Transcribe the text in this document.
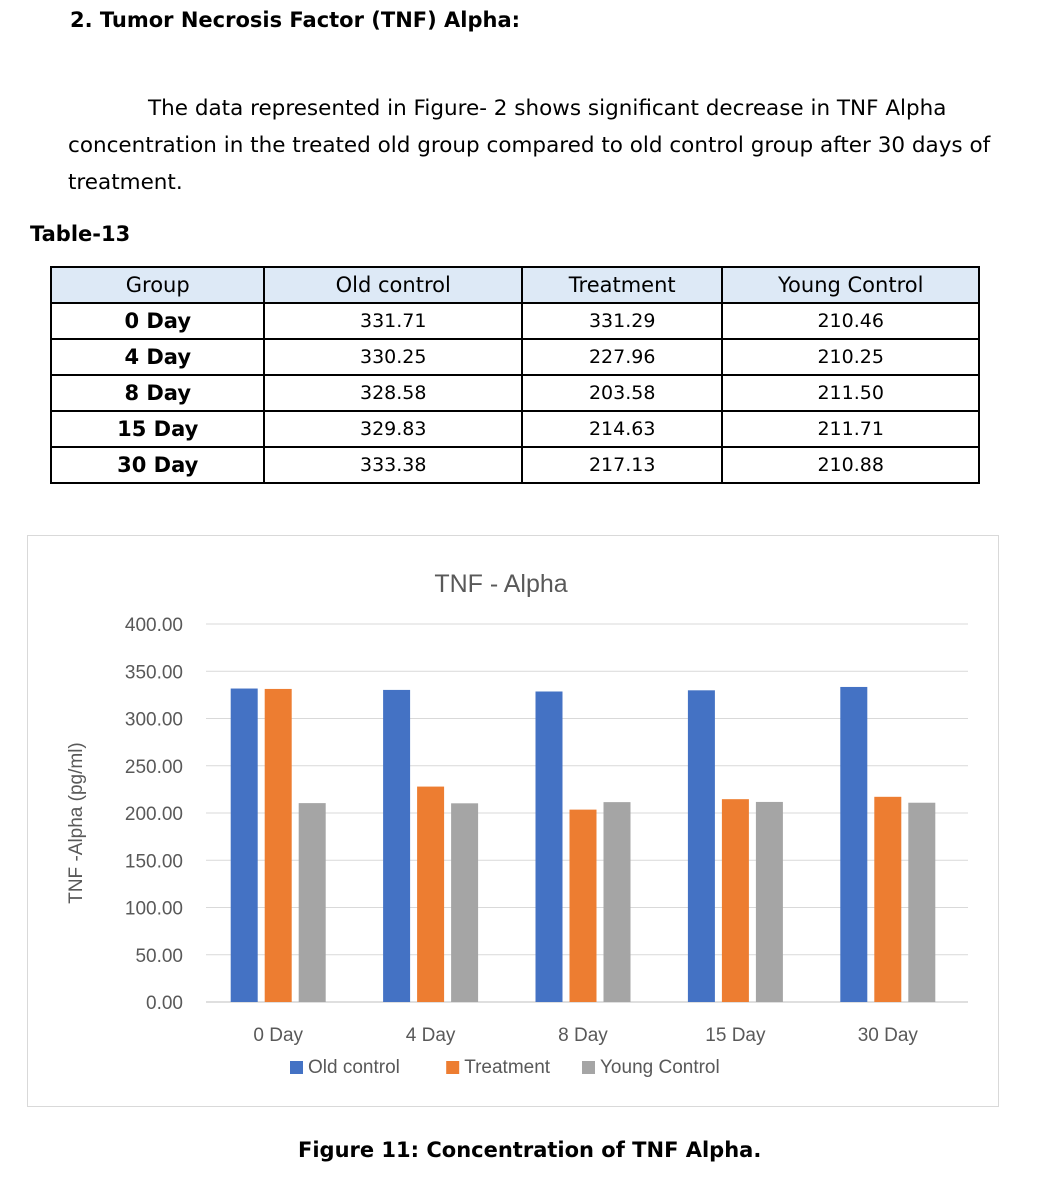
2. Tumor Necrosis Factor (TNF) Alpha:

The data represented in Figure- 2 shows significant decrease in TNF Alpha concentration in the treated old group compared to old control group after 30 days of treatment.

Table-13

Group	Old control	Treatment	Young Control
0 Day	331.71	331.29	210.46
4 Day	330.25	227.96	210.25
8 Day	328.58	203.58	211.50
15 Day	329.83	214.63	211.71
30 Day	333.38	217.13	210.88
TNF - Alpha
0.00
50.00
100.00
150.00
200.00
250.00
300.00
350.00
400.00
TNF -Alpha (pg/ml)
0 Day	4 Day	8 Day	15 Day	30 Day
Old control	Treatment	Young Control

Figure 11: Concentration of TNF Alpha.
